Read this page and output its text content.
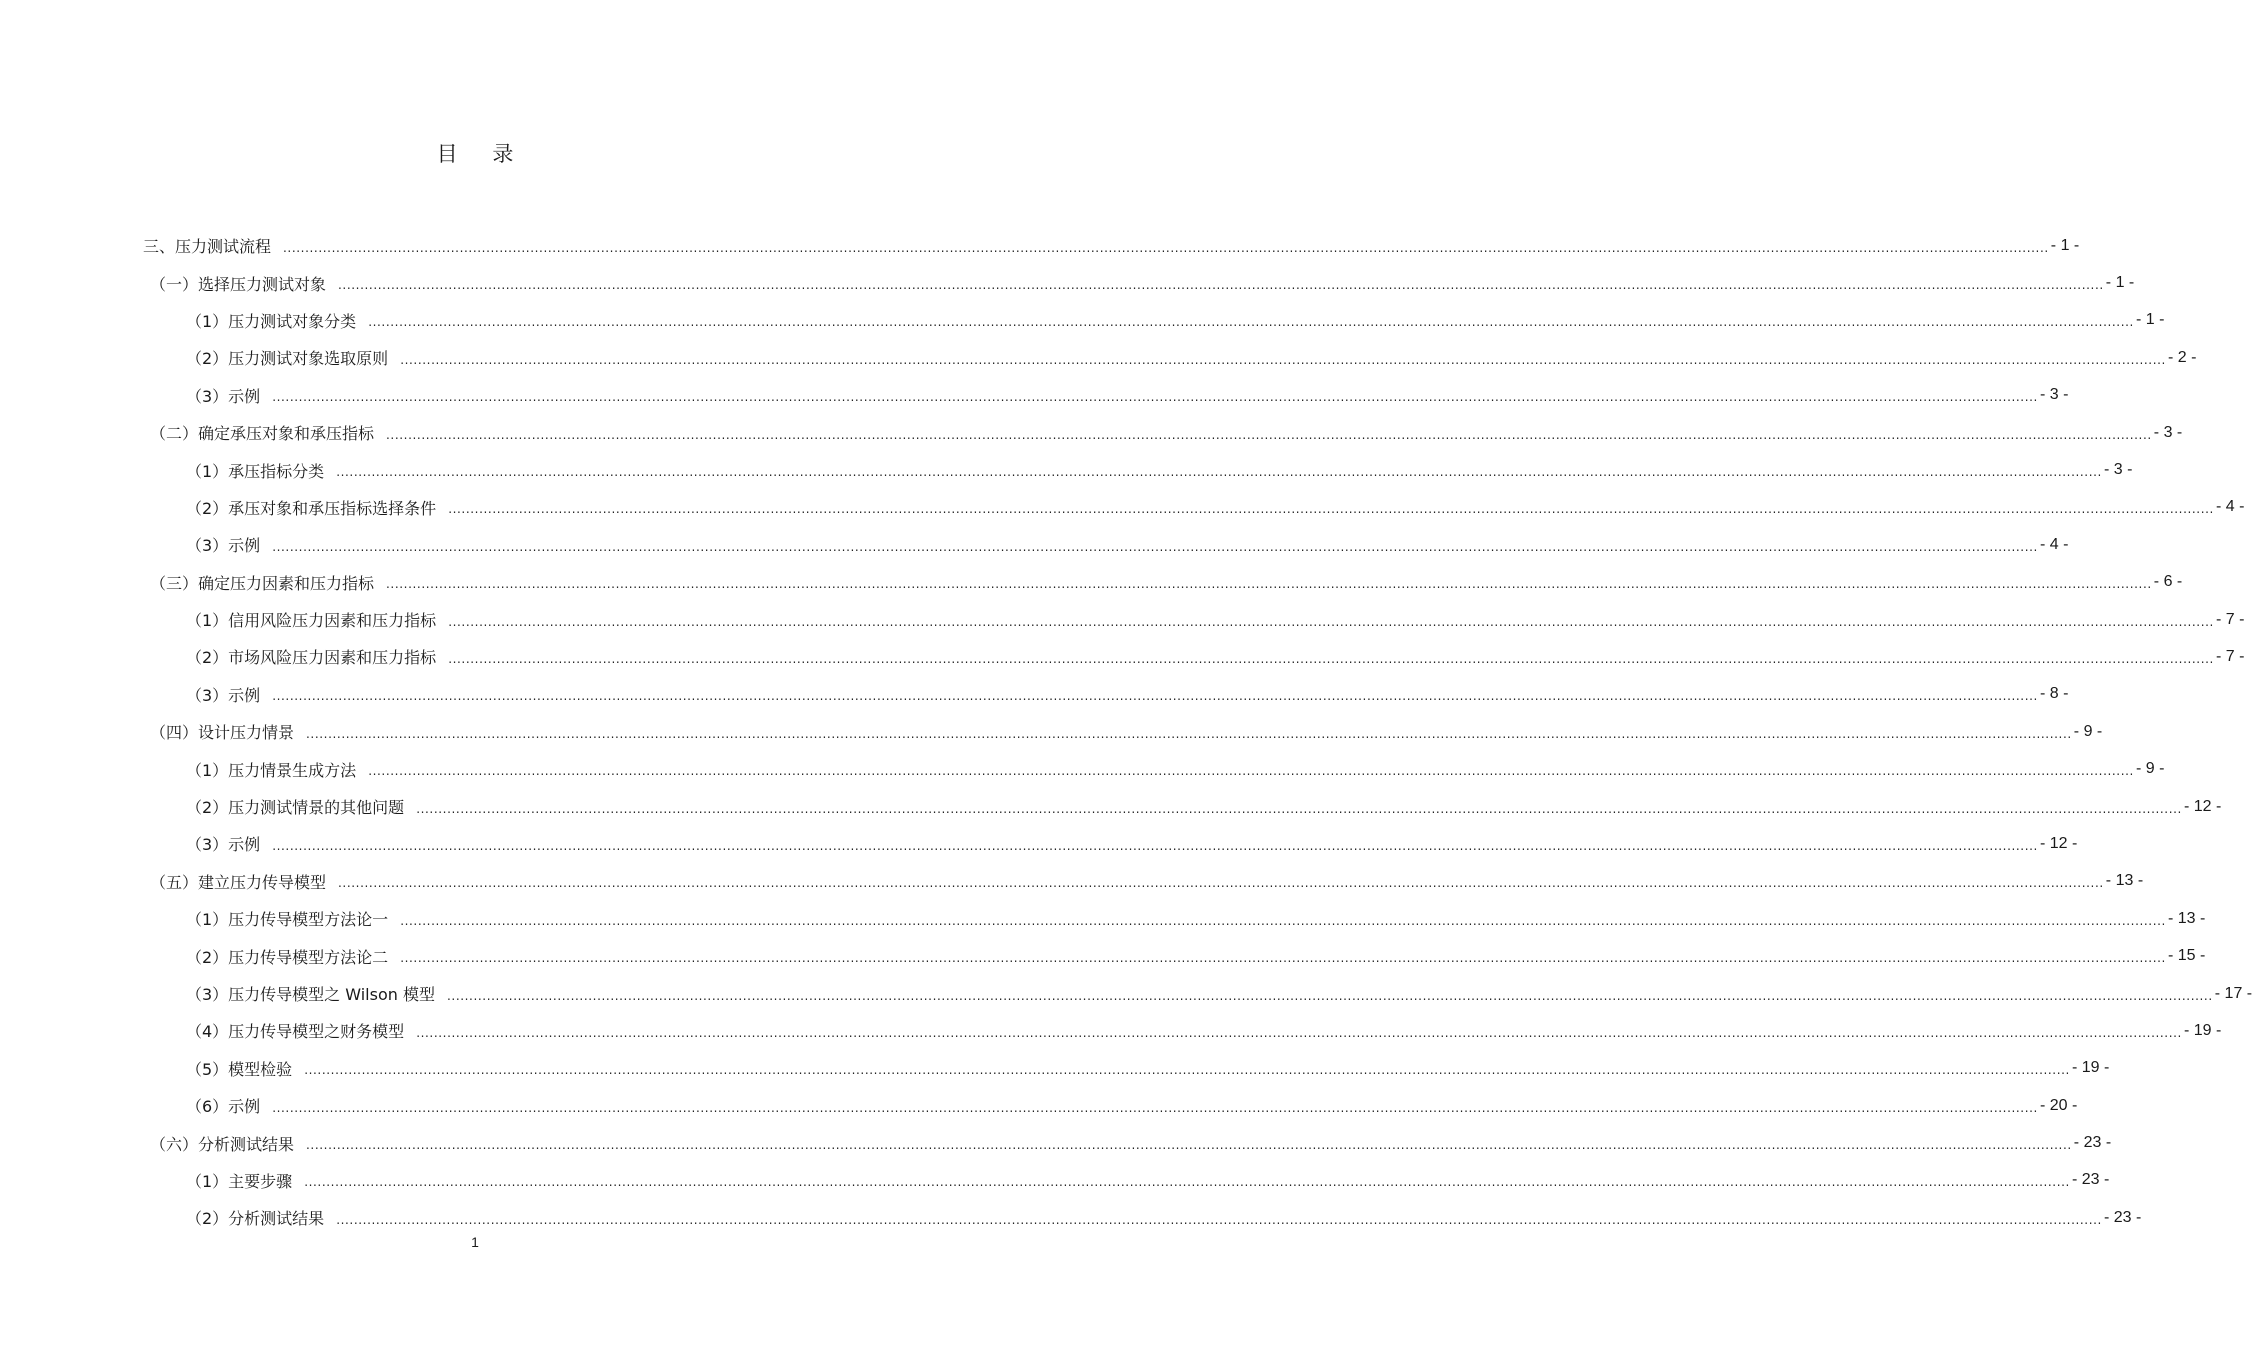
目 录
三、压力测试流程	................................................................................................................................................................................................................................................................................................................................................................................................................ - 1 -
（一）选择压力测试对象	................................................................................................................................................................................................................................................................................................................................................................................................................ - 1 -
（1）压力测试对象分类	................................................................................................................................................................................................................................................................................................................................................................................................................ - 1 -
（2）压力测试对象选取原则	................................................................................................................................................................................................................................................................................................................................................................................................................ - 2 -
（3）示例	................................................................................................................................................................................................................................................................................................................................................................................................................ - 3 -
（二）确定承压对象和承压指标	................................................................................................................................................................................................................................................................................................................................................................................................................ - 3 -
（1）承压指标分类	................................................................................................................................................................................................................................................................................................................................................................................................................ - 3 -
（2）承压对象和承压指标选择条件	................................................................................................................................................................................................................................................................................................................................................................................................................ - 4 -
（3）示例	................................................................................................................................................................................................................................................................................................................................................................................................................ - 4 -
（三）确定压力因素和压力指标	................................................................................................................................................................................................................................................................................................................................................................................................................ - 6 -
（1）信用风险压力因素和压力指标	................................................................................................................................................................................................................................................................................................................................................................................................................ - 7 -
（2）市场风险压力因素和压力指标	................................................................................................................................................................................................................................................................................................................................................................................................................ - 7 -
（3）示例	................................................................................................................................................................................................................................................................................................................................................................................................................ - 8 -
（四）设计压力情景	................................................................................................................................................................................................................................................................................................................................................................................................................ - 9 -
（1）压力情景生成方法	................................................................................................................................................................................................................................................................................................................................................................................................................ - 9 -
（2）压力测试情景的其他问题	................................................................................................................................................................................................................................................................................................................................................................................................................ - 12 -
（3）示例	................................................................................................................................................................................................................................................................................................................................................................................................................ - 12 -
（五）建立压力传导模型	................................................................................................................................................................................................................................................................................................................................................................................................................ - 13 -
（1）压力传导模型方法论一	................................................................................................................................................................................................................................................................................................................................................................................................................ - 13 -
（2）压力传导模型方法论二	................................................................................................................................................................................................................................................................................................................................................................................................................ - 15 -
（3）压力传导模型之 Wilson 模型	................................................................................................................................................................................................................................................................................................................................................................................................................ - 17 -
（4）压力传导模型之财务模型	................................................................................................................................................................................................................................................................................................................................................................................................................ - 19 -
（5）模型检验	................................................................................................................................................................................................................................................................................................................................................................................................................ - 19 -
（6）示例	................................................................................................................................................................................................................................................................................................................................................................................................................ - 20 -
（六）分析测试结果	................................................................................................................................................................................................................................................................................................................................................................................................................ - 23 -
（1）主要步骤	................................................................................................................................................................................................................................................................................................................................................................................................................ - 23 -
（2）分析测试结果	................................................................................................................................................................................................................................................................................................................................................................................................................ - 23 -
1
